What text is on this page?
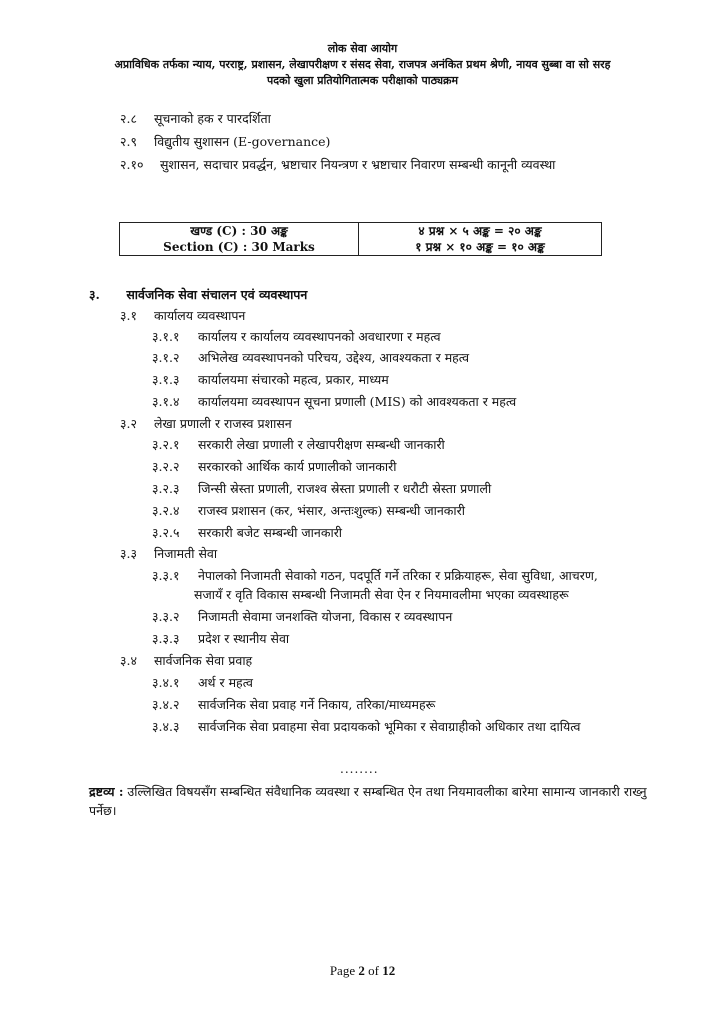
लोक सेवा आयोग
अप्राविधिक तर्फका न्याय, परराष्ट्र, प्रशासन, लेखापरीक्षण र संसद सेवा, राजपत्र अनंकित प्रथम श्रेणी, नायव सुब्बा वा सो सरह
पदको खुला प्रतियोगितात्मक परीक्षाको पाठ्यक्रम
२.८ सूचनाको हक र पारदर्शिता
२.९ विद्युतीय सुशासन (E-governance)
२.१० सुशासन, सदाचार प्रवर्द्धन, भ्रष्टाचार नियन्त्रण र भ्रष्टाचार निवारण सम्बन्धी कानूनी व्यवस्था
खण्ड (C) : 30 अङ्क
Section (C) : 30 Marks
४ प्रश्न × ५ अङ्क = २० अङ्क
१ प्रश्न × १० अङ्क = १० अङ्क
३. सार्वजनिक सेवा संचालन एवं व्यवस्थापन
३.१ कार्यालय व्यवस्थापन
३.१.१ कार्यालय र कार्यालय व्यवस्थापनको अवधारणा र महत्व
३.१.२ अभिलेख व्यवस्थापनको परिचय, उद्देश्य, आवश्यकता र महत्व
३.१.३ कार्यालयमा संचारको महत्व, प्रकार, माध्यम
३.१.४ कार्यालयमा व्यवस्थापन सूचना प्रणाली (MIS) को आवश्यकता र महत्व
३.२ लेखा प्रणाली र राजस्व प्रशासन
३.२.१ सरकारी लेखा प्रणाली र लेखापरीक्षण सम्बन्धी जानकारी
३.२.२ सरकारको आर्थिक कार्य प्रणालीको जानकारी
३.२.३ जिन्सी स्रेस्ता प्रणाली, राजश्व स्रेस्ता प्रणाली र धरौटी स्रेस्ता प्रणाली
३.२.४ राजस्व प्रशासन (कर, भंसार, अन्तःशुल्क) सम्बन्धी जानकारी
३.२.५ सरकारी बजेट सम्बन्धी जानकारी
३.३ निजामती सेवा
३.३.१ नेपालको निजामती सेवाको गठन, पदपूर्ति गर्ने तरिका र प्रक्रियाहरू, सेवा सुविधा, आचरण,
सजायँ र वृति विकास सम्बन्धी निजामती सेवा ऐन र नियमावलीमा भएका व्यवस्थाहरू
३.३.२ निजामती सेवामा जनशक्ति योजना, विकास र व्यवस्थापन
३.३.३ प्रदेश र स्थानीय सेवा
३.४ सार्वजनिक सेवा प्रवाह
३.४.१ अर्थ र महत्व
३.४.२ सार्वजनिक सेवा प्रवाह गर्ने निकाय, तरिका/माध्यमहरू
३.४.३ सार्वजनिक सेवा प्रवाहमा सेवा प्रदायकको भूमिका र सेवाग्राहीको अधिकार तथा दायित्व
........
द्रष्टव्य : उल्लिखित विषयसँग सम्बन्धित संवैधानिक व्यवस्था र सम्बन्धित ऐन तथा नियमावलीका बारेमा सामान्य जानकारी राख्नु पर्नेछ।
Page 2 of 12
